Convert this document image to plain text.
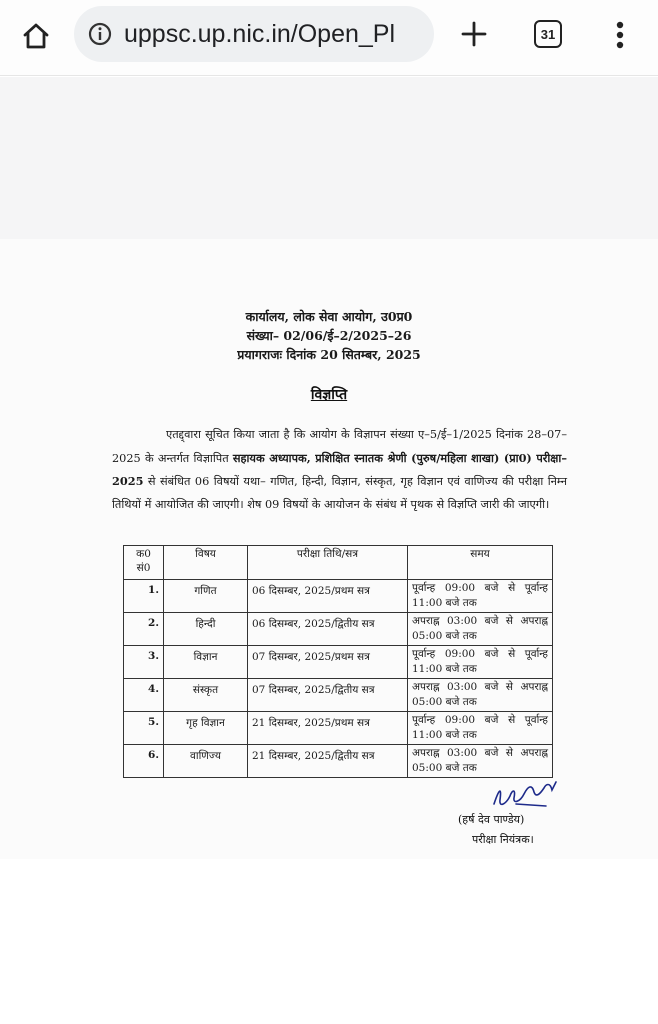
uppsc.up.nic.in/Open_Pl	31
कार्यालय, लोक सेवा आयोग, उ0प्र0
संख्या– 02/06/ई–2/2025–26
प्रयागराजः दिनांक 20 सितम्बर, 2025
विज्ञप्ति
एतद्द्वारा सूचित किया जाता है कि आयोग के विज्ञापन संख्या ए–5/ई–1/2025 दिनांक 28–07–2025 के अन्तर्गत विज्ञापित सहायक अध्यापक, प्रशिक्षित स्नातक श्रेणी (पुरुष/महिला शाखा) (प्रा0) परीक्षा–2025 से संबंधित 06 विषयों यथा– गणित, हिन्दी, विज्ञान, संस्कृत, गृह विज्ञान एवं वाणिज्य की परीक्षा निम्न तिथियों में आयोजित की जाएगी। शेष 09 विषयों के आयोजन के संबंध में पृथक से विज्ञप्ति जारी की जाएगी।
क0 सं0	विषय	परीक्षा तिथि/सत्र	समय
1.	गणित	06 दिसम्बर, 2025/प्रथम सत्र	पूर्वान्ह 09:00 बजे से पूर्वान्ह 11:00 बजे तक
2.	हिन्दी	06 दिसम्बर, 2025/द्वितीय सत्र	अपराह्न 03:00 बजे से अपराह्न 05:00 बजे तक
3.	विज्ञान	07 दिसम्बर, 2025/प्रथम सत्र	पूर्वान्ह 09:00 बजे से पूर्वान्ह 11:00 बजे तक
4.	संस्कृत	07 दिसम्बर, 2025/द्वितीय सत्र	अपराह्न 03:00 बजे से अपराह्न 05:00 बजे तक
5.	गृह विज्ञान	21 दिसम्बर, 2025/प्रथम सत्र	पूर्वान्ह 09:00 बजे से पूर्वान्ह 11:00 बजे तक
6.	वाणिज्य	21 दिसम्बर, 2025/द्वितीय सत्र	अपराह्न 03:00 बजे से अपराह्न 05:00 बजे तक
(हर्ष देव पाण्डेय)
परीक्षा नियंत्रक।
